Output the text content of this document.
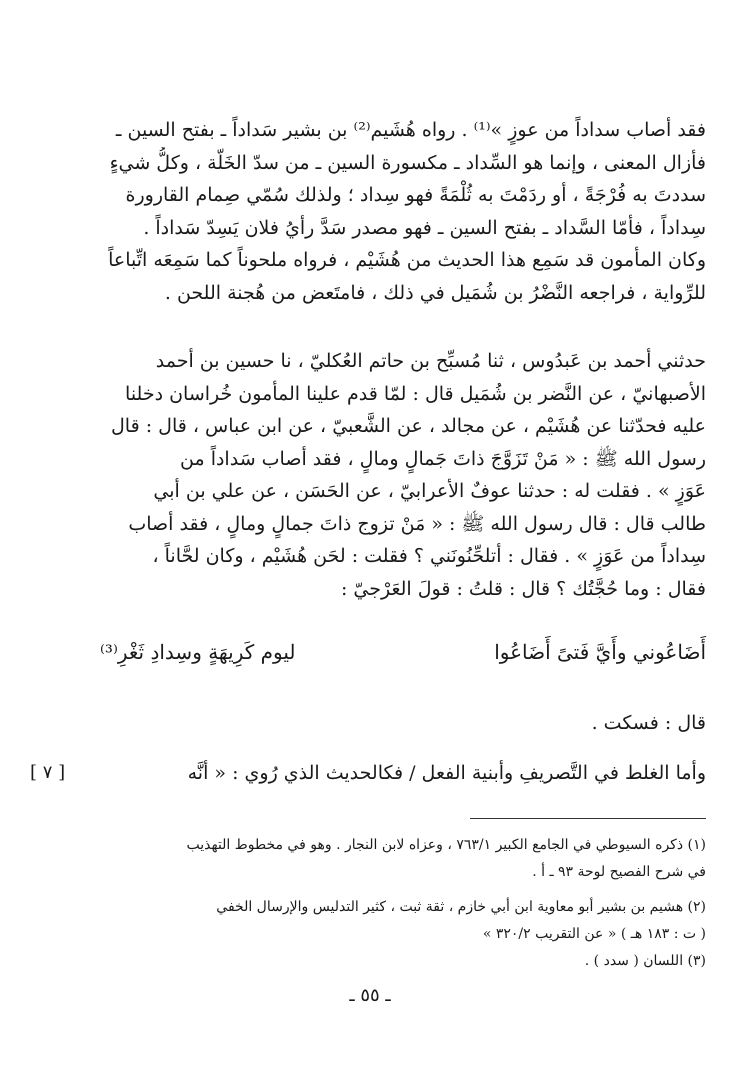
فقد أصاب سداداً من عوزٍ »⁽¹⁾ . رواه هُشَيم⁽²⁾ بن بشير سَداداً ـ بفتح السين ـ
فأزال المعنى ، وإنما هو السِّداد ـ مكسورة السين ـ من سدّ الخَلّة ، وكلُّ شيءٍ
سددتَ به فُرْجَةً ، أو ردَمْتَ به ثُلْمَةً فهو سِداد ؛ ولذلك سُمّي صِمام القارورة
سِداداً ، فأمّا السَّداد ـ بفتح السين ـ فهو مصدر سَدَّ رأيُ فلان يَسِدّ سَداداً .
وكان المأمون قد سَمِع هذا الحديث من هُشَيْم ، فرواه ملحوناً كما سَمِعَه اتِّباعاً
للرِّواية ، فراجعه النَّضْرُ بن شُمَيل في ذلك ، فامتَعض من هُجنة اللحن .
حدثني أحمد بن عَبدُوس ، ثنا مُسبِّح بن حاتم العُكليّ ، نا حسين بن أحمد
الأصبهانيّ ، عن النَّضر بن شُمَيل قال : لمّا قدم علينا المأمون خُراسان دخلنا
عليه فحدّثنا عن هُشَيْم ، عن مجالد ، عن الشَّعبيّ ، عن ابن عباس ، قال : قال
رسول الله ﷺ : « مَنْ تَزَوَّجَ ذاتَ جَمالٍ ومالٍ ، فقد أصاب سَداداً من
عَوَزٍ » . فقلت له : حدثنا عوفٌ الأعرابيّ ، عن الحَسَن ، عن علي بن أبي
طالب قال : قال رسول الله ﷺ : « مَنْ تزوج ذاتَ جمالٍ ومالٍ ، فقد أصاب
سِداداً من عَوَزٍ » . فقال : أتلحِّنُونَني ؟ فقلت : لحَن هُشَيْم ، وكان لحَّاناً ،
فقال : وما حُجَّتُك ؟ قال : قلتُ : قولَ العَرْجيّ :
أَضَاعُوني وأَيَّ فَتىً أَضَاعُوا
ليوم كَرِيهَةٍ وسِدادِ ثَغْرِ⁽³⁾
قال : فسكت .
وأما الغلط في التَّصريفِ وأبنية الفعل / فكالحديث الذي رُوي : « أنَّه
[ ٧ ]
(١) ذكره السيوطي في الجامع الكبير ٧٦٣/١ ، وعزاه لابن النجار . وهو في مخطوط التهذيب
في شرح الفصيح لوحة ٩٣ ـ أ .
(٢) هشيم بن بشير أبو معاوية ابن أبي خازم ، ثقة ثبت ، كثير التدليس والإرسال الخفي
( ت : ١٨٣ هـ ) « عن التقريب ٣٢٠/٢ »
(٣) اللسان ( سدد ) .
ـ ٥٥ ـ
